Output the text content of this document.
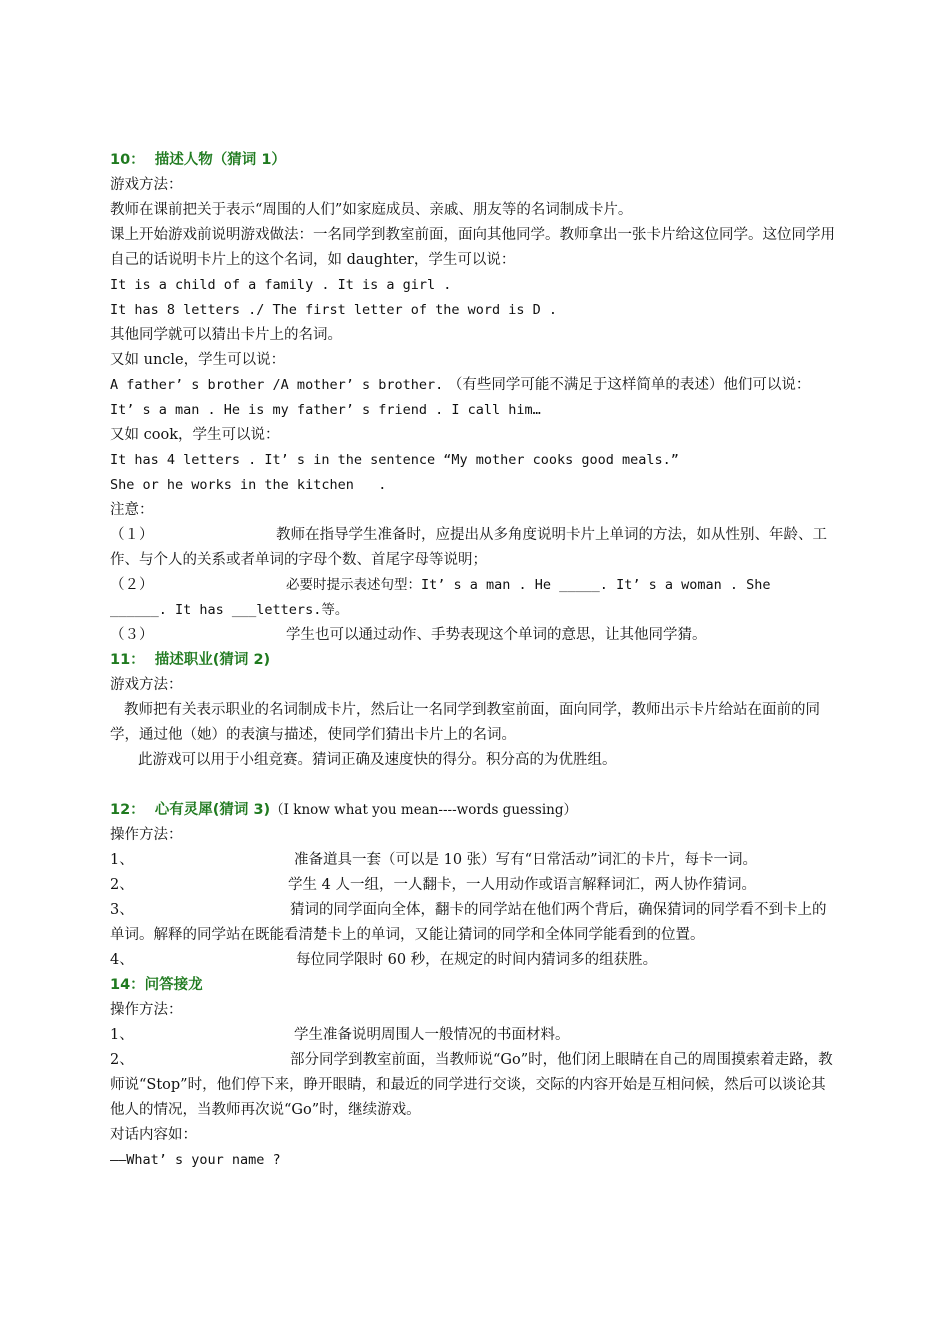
10：  描述人物（猜词 1）
游戏方法：
教师在课前把关于表示“周围的人们”如家庭成员、亲戚、朋友等的名词制成卡片。
课上开始游戏前说明游戏做法：一名同学到教室前面，面向其他同学。教师拿出一张卡片给这位同学。这位同学用自己的话说明卡片上的这个名词，如 daughter，学生可以说：
It is a child of a family . It is a girl .
It has 8 letters ./ The first letter of the word is D .
其他同学就可以猜出卡片上的名词。
又如 uncle，学生可以说：
A father’ s brother /A mother’ s brother. （有些同学可能不满足于这样简单的表述）他们可以说：
It’ s a man . He is my father’ s friend . I call him…
又如 cook，学生可以说：
It has 4 letters . It’ s in the sentence “My mother cooks good meals.”
She or he works in the kitchen   .
注意：
（１）	教师在指导学生准备时，应提出从多角度说明卡片上单词的方法，如从性别、年龄、工作、与个人的关系或者单词的字母个数、首尾字母等说明；
（２）	必要时提示表述句型：It’ s a man . He _____. It’ s a woman . She ______. It has ___letters.等。
（３）	学生也可以通过动作、手势表现这个单词的意思，让其他同学猜。
11：  描述职业(猜词 2)
游戏方法：
教师把有关表示职业的名词制成卡片，然后让一名同学到教室前面，面向同学，教师出示卡片给站在面前的同学，通过他（她）的表演与描述，使同学们猜出卡片上的名词。
此游戏可以用于小组竞赛。猜词正确及速度快的得分。积分高的为优胜组。
12：  心有灵犀(猜词 3)（I know what you mean----words guessing）
操作方法：
1、	准备道具一套（可以是 10 张）写有“日常活动”词汇的卡片，每卡一词。
2、	学生 4 人一组，一人翻卡，一人用动作或语言解释词汇，两人协作猜词。
3、	猜词的同学面向全体，翻卡的同学站在他们两个背后，确保猜词的同学看不到卡上的单词。解释的同学站在既能看清楚卡上的单词，又能让猜词的同学和全体同学能看到的位置。
4、	每位同学限时 60 秒，在规定的时间内猜词多的组获胜。
14：问答接龙
操作方法：
1、	学生准备说明周围人一般情况的书面材料。
2、	部分同学到教室前面，当教师说“Go”时，他们闭上眼睛在自己的周围摸索着走路，教师说“Stop”时，他们停下来，睁开眼睛，和最近的同学进行交谈，交际的内容开始是互相问候，然后可以谈论其他人的情况，当教师再次说“Go”时，继续游戏。
对话内容如：
——What’ s your name ?
